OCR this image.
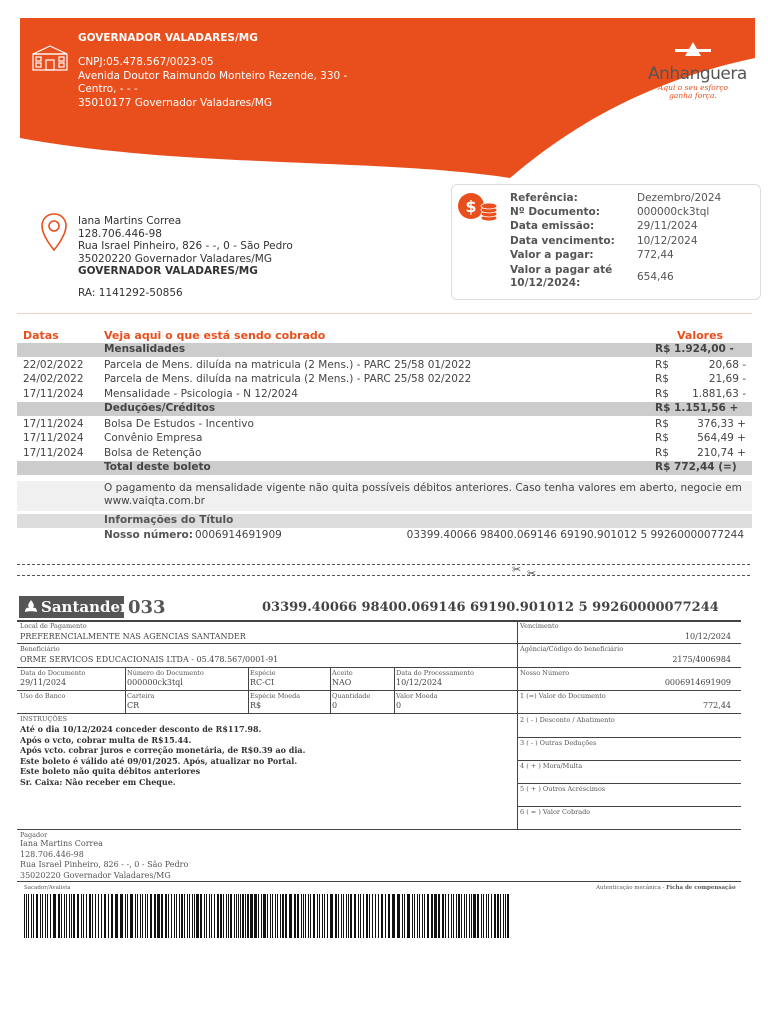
GOVERNADOR VALADARES/MG
CNPJ:05.478.567/0023-05
Avenida Doutor Raimundo Monteiro Rezende, 330 -
Centro, - - -
35010177 Governador Valadares/MG
Anhanguera
Aqui o seu esforço
ganha força.
Iana Martins Correa
128.706.446-98
Rua Israel Pinheiro, 826 - -, 0 - São Pedro
35020220 Governador Valadares/MG
GOVERNADOR VALADARES/MG
RA: 1141292-50856
$	Referência:	Dezembro/2024
Nº Documento:	000000ck3tql
Data emissão:	29/11/2024
Data vencimento: 10/12/2024
Valor a pagar:	772,44
Valor a pagar até 10/12/2024:	654,46
Datas	Veja aqui o que está sendo cobrado	Valores
Mensalidades	R$ 1.924,00 -
22/02/2022 Parcela de Mens. diluída na matricula (2 Mens.) - PARC 25/58 01/2022	R$	20,68 -
24/02/2022 Parcela de Mens. diluída na matricula (2 Mens.) - PARC 25/58 02/2022	R$	21,69 -
17/11/2024 Mensalidade - Psicologia - N 12/2024	R$ 1.881,63 -
Deduções/Créditos	R$ 1.151,56 +
17/11/2024 Bolsa De Estudos - Incentivo	R$	376,33 +
17/11/2024 Convênio Empresa	R$	564,49 +
17/11/2024 Bolsa de Retenção	R$	210,74 +
Total deste boleto	R$ 772,44 (=)
O pagamento da mensalidade vigente não quita possíveis débitos anteriores. Caso tenha valores em aberto, negocie em www.vaiqta.com.br
Informações do Título
Nosso número: 0006914691909	03399.40066 98400.069146 69190.901012 5 99260000077244
✂ ✂
Santander 033	03399.40066 98400.069146 69190.901012 5 99260000077244
Local de Pagamento
PREFERENCIALMENTE NAS AGENCIAS SANTANDER
Vencimento
10/12/2024
Beneficiário
ORME SERVICOS EDUCACIONAIS LTDA - 05.478.567/0001-91
Agência/Código do beneficiário
2175/4006984
Data do Documento
29/11/2024
Número do Documento
000000ck3tql
Espécie
RC-CI
Aceite
NAO
Data do Processamento
10/12/2024
Nosso Número
0006914691909
Uso do Banco	Carteira
CR
Espécie Moeda
R$
Quantidade
0
Valor Moeda
0
1 (=) Valor do Documento
772,44
INSTRUÇÕES
Até o dia 10/12/2024 conceder desconto de R$117.98.
Após o vcto, cobrar multa de R$15.44.
Após vcto. cobrar juros e correção monetária, de R$0.39 ao dia.
Este boleto é válido até 09/01/2025. Após, atualizar no Portal.
Este boleto não quita débitos anteriores
Sr. Caixa: Não receber em Cheque.
2 ( - ) Desconto / Abatimento
3 ( - ) Outras Deduções
4 ( + ) Mora/Multa
5 ( + ) Outros Acréscimos
6 ( = ) Valor Cobrado
Pagador
Iana Martins Correa
128.706.446-98
Rua Israel Pinheiro, 826 - -, 0 - São Pedro
35020220 Governador Valadares/MG
Sacador/Avalista	Autenticação mecânica - Ficha de compensação
